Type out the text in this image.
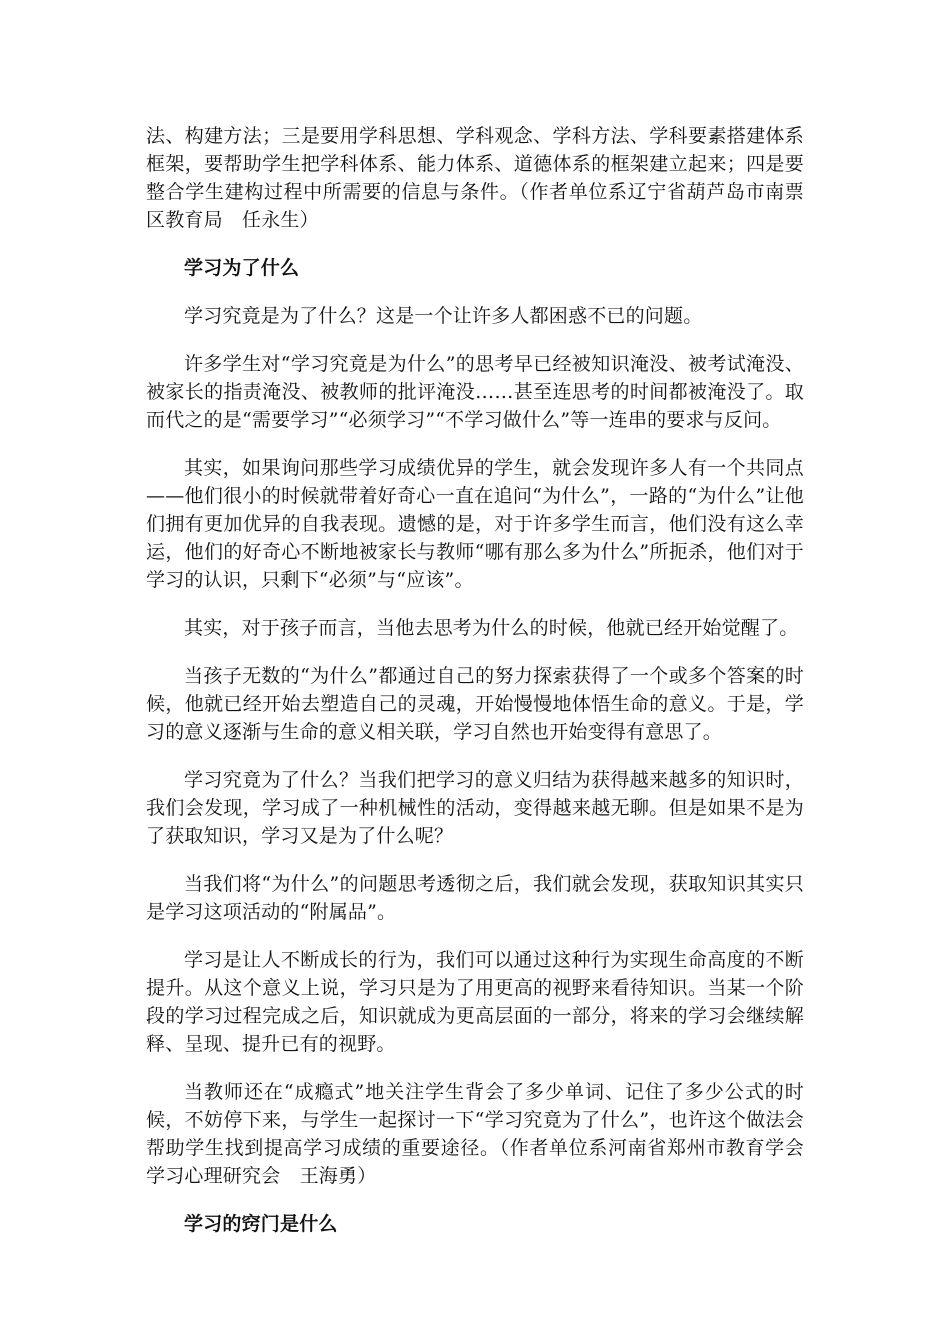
法、构建方法；三是要用学科思想、学科观念、学科方法、学科要素搭建体系框架，要帮助学生把学科体系、能力体系、道德体系的框架建立起来；四是要整合学生建构过程中所需要的信息与条件。（作者单位系辽宁省葫芦岛市南票区教育局　任永生）

学习为了什么

学习究竟是为了什么？这是一个让许多人都困惑不已的问题。

许多学生对“学习究竟是为什么”的思考早已经被知识淹没、被考试淹没、被家长的指责淹没、被教师的批评淹没……甚至连思考的时间都被淹没了。取而代之的是“需要学习”“必须学习”“不学习做什么”等一连串的要求与反问。

其实，如果询问那些学习成绩优异的学生，就会发现许多人有一个共同点——他们很小的时候就带着好奇心一直在追问“为什么”，一路的“为什么”让他们拥有更加优异的自我表现。遗憾的是，对于许多学生而言，他们没有这么幸运，他们的好奇心不断地被家长与教师“哪有那么多为什么”所扼杀，他们对于学习的认识，只剩下“必须”与“应该”。

其实，对于孩子而言，当他去思考为什么的时候，他就已经开始觉醒了。

当孩子无数的“为什么”都通过自己的努力探索获得了一个或多个答案的时候，他就已经开始去塑造自己的灵魂，开始慢慢地体悟生命的意义。于是，学习的意义逐渐与生命的意义相关联，学习自然也开始变得有意思了。

学习究竟为了什么？当我们把学习的意义归结为获得越来越多的知识时，我们会发现，学习成了一种机械性的活动，变得越来越无聊。但是如果不是为了获取知识，学习又是为了什么呢？

当我们将“为什么”的问题思考透彻之后，我们就会发现，获取知识其实只是学习这项活动的“附属品”。

学习是让人不断成长的行为，我们可以通过这种行为实现生命高度的不断提升。从这个意义上说，学习只是为了用更高的视野来看待知识。当某一个阶段的学习过程完成之后，知识就成为更高层面的一部分，将来的学习会继续解释、呈现、提升已有的视野。

当教师还在“成瘾式”地关注学生背会了多少单词、记住了多少公式的时候，不妨停下来，与学生一起探讨一下“学习究竟为了什么”，也许这个做法会帮助学生找到提高学习成绩的重要途径。（作者单位系河南省郑州市教育学会学习心理研究会　王海勇）

学习的窍门是什么
